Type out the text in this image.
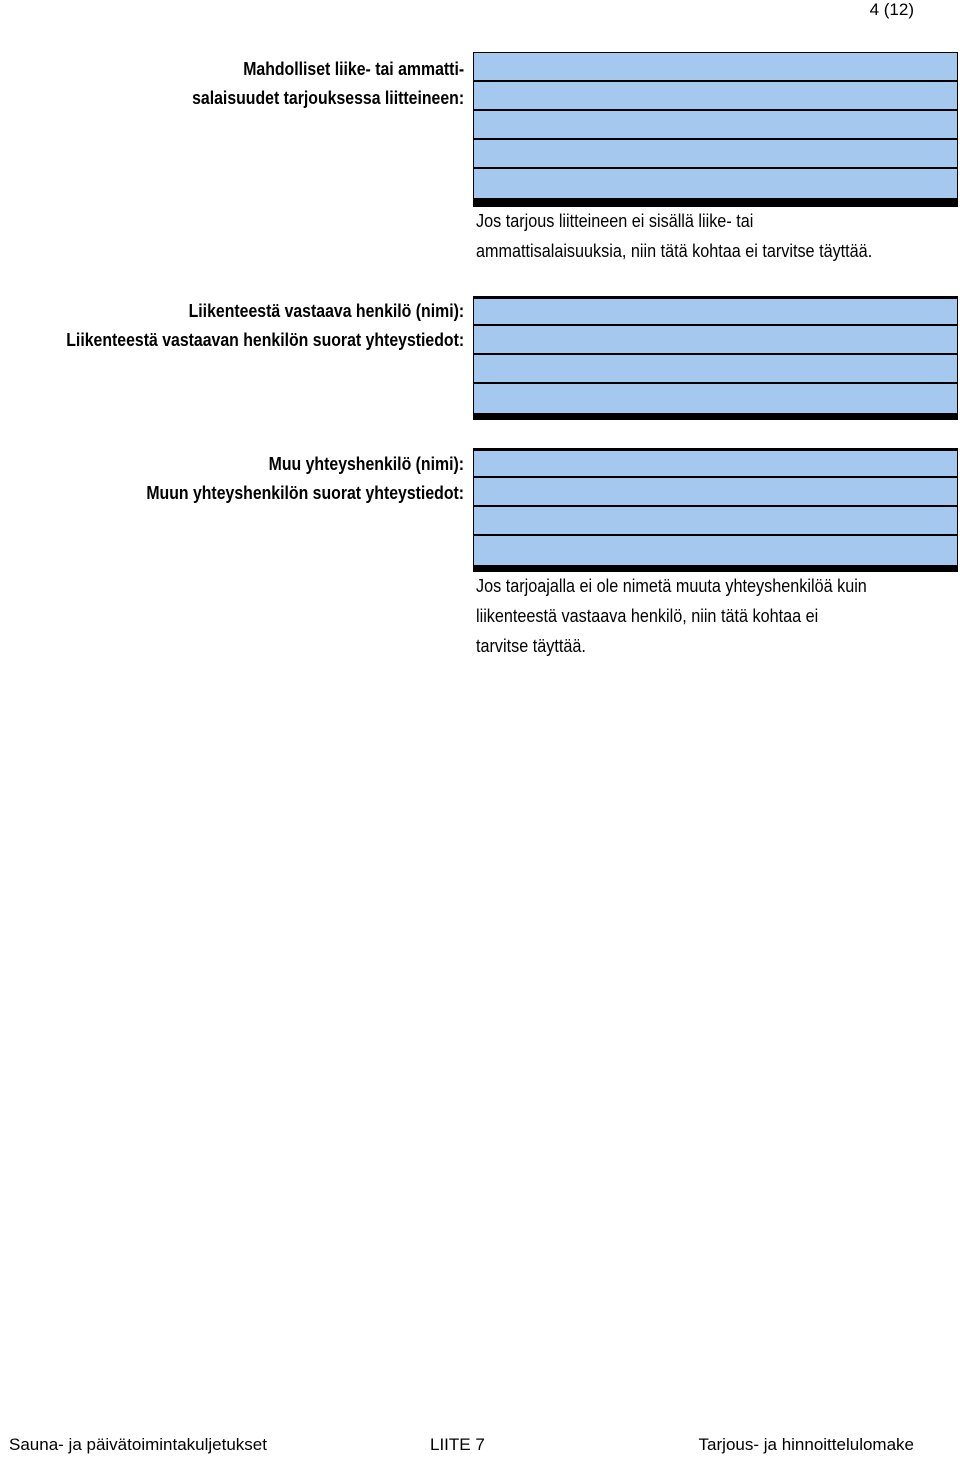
4 (12)
Mahdolliset liike- tai ammatti-
salaisuudet tarjouksessa liitteineen:
Jos tarjous liitteineen ei sisällä liike- tai
ammattisalaisuuksia, niin tätä kohtaa ei tarvitse täyttää.
Liikenteestä vastaava henkilö (nimi):
Liikenteestä vastaavan henkilön suorat yhteystiedot:
Muu yhteyshenkilö (nimi):
Muun yhteyshenkilön suorat yhteystiedot:
Jos tarjoajalla ei ole nimetä muuta yhteyshenkilöä kuin
liikenteestä vastaava henkilö, niin tätä kohtaa ei
tarvitse täyttää.
Sauna- ja päivätoimintakuljetukset	LIITE 7	Tarjous- ja hinnoittelulomake
